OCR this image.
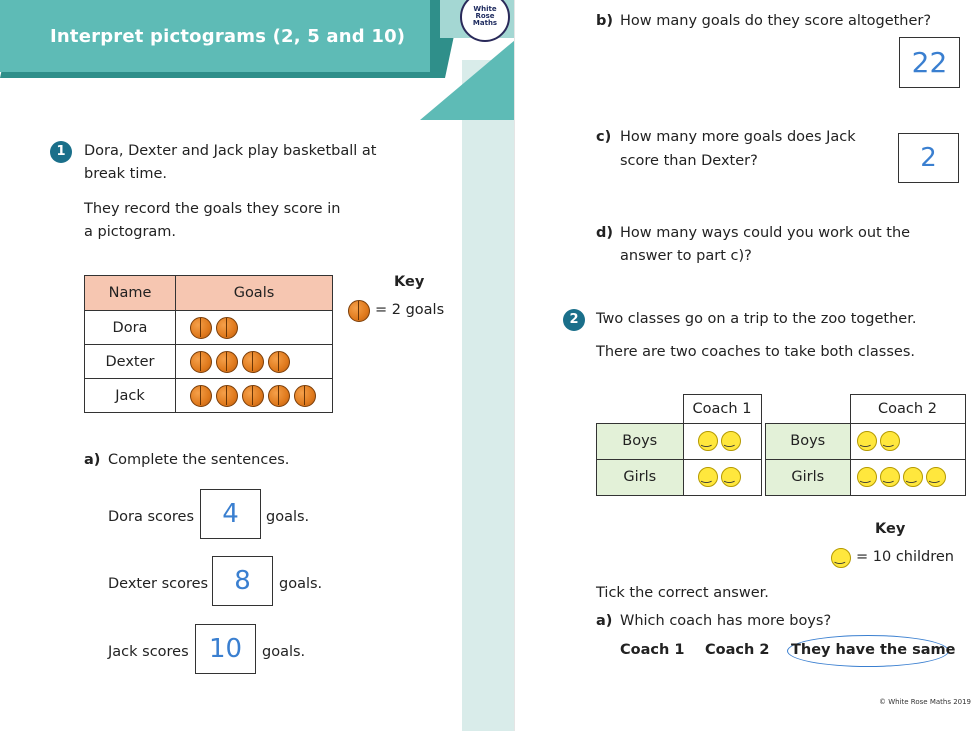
Interpret pictograms (2, 5 and 10)
White
Rose
Maths
1	Dora, Dexter and Jack play basketball at
break time.
They record the goals they score in
a pictogram.
Name	Goals
Dora	
Dexter	
Jack	
Key
= 2 goals
a) Complete the sentences.
Dora scores	4	goals.
Dexter scores	8	goals.
Jack scores 10	goals.
b) How many goals do they score altogether?
22
c) How many more goals does Jack
score than Dexter?	2
d) How many ways could you work out the
answer to part c)?
2	Two classes go on a trip to the zoo together.
There are two coaches to take both classes.
	Coach 1
Boys	‿‿
Girls	‿‿
	Coach 2
Boys	‿‿
Girls	‿‿‿‿
Key
‿
= 10 children
Tick the correct answer.
a) Which coach has more boys?
Coach 1 Coach 2 They have the same
© White Rose Maths 2019
